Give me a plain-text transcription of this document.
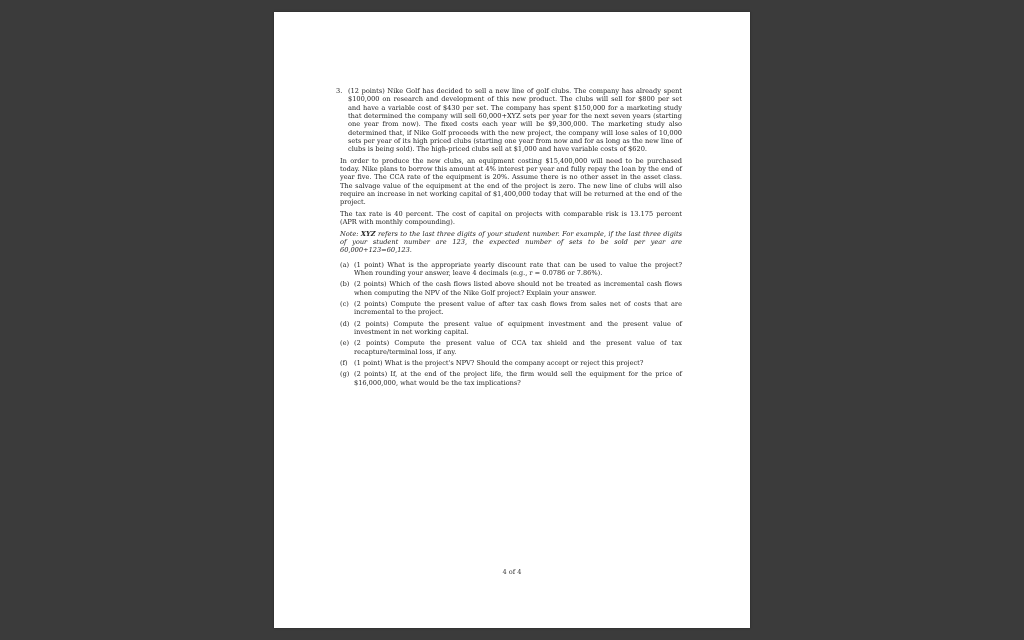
3. (12 points) Nike Golf has decided to sell a new line of golf clubs. The company has already spent $100,000 on research and development of this new product. The clubs will sell for $800 per set and have a variable cost of $430 per set. The company has spent $150,000 for a marketing study that determined the company will sell 60,000+XYZ sets per year for the next seven years (starting one year from now). The fixed costs each year will be $9,300,000. The marketing study also determined that, if Nike Golf proceeds with the new project, the company will lose sales of 10,000 sets per year of its high priced clubs (starting one year from now and for as long as the new line of clubs is being sold). The high-priced clubs sell at $1,000 and have variable costs of $620.

In order to produce the new clubs, an equipment costing $15,400,000 will need to be purchased today. Nike plans to borrow this amount at 4% interest per year and fully repay the loan by the end of year five. The CCA rate of the equipment is 20%. Assume there is no other asset in the asset class. The salvage value of the equipment at the end of the project is zero. The new line of clubs will also require an increase in net working capital of $1,400,000 today that will be returned at the end of the project.

The tax rate is 40 percent. The cost of capital on projects with comparable risk is 13.175 percent (APR with monthly compounding).

Note: XYZ refers to the last three digits of your student number. For example, if the last three digits of your student number are 123, the expected number of sets to be sold per year are 60,000+123=60,123.

(a) (1 point) What is the appropriate yearly discount rate that can be used to value the project? When rounding your answer, leave 4 decimals (e.g., r = 0.0786 or 7.86%).
(b) (2 points) Which of the cash flows listed above should not be treated as incremental cash flows when computing the NPV of the Nike Golf project? Explain your answer.
(c) (2 points) Compute the present value of after tax cash flows from sales net of costs that are incremental to the project.
(d) (2 points) Compute the present value of equipment investment and the present value of investment in net working capital.
(e) (2 points) Compute the present value of CCA tax shield and the present value of tax recapture/terminal loss, if any.
(f) (1 point) What is the project's NPV? Should the company accept or reject this project?
(g) (2 points) If, at the end of the project life, the firm would sell the equipment for the price of $16,000,000, what would be the tax implications?
4 of 4
